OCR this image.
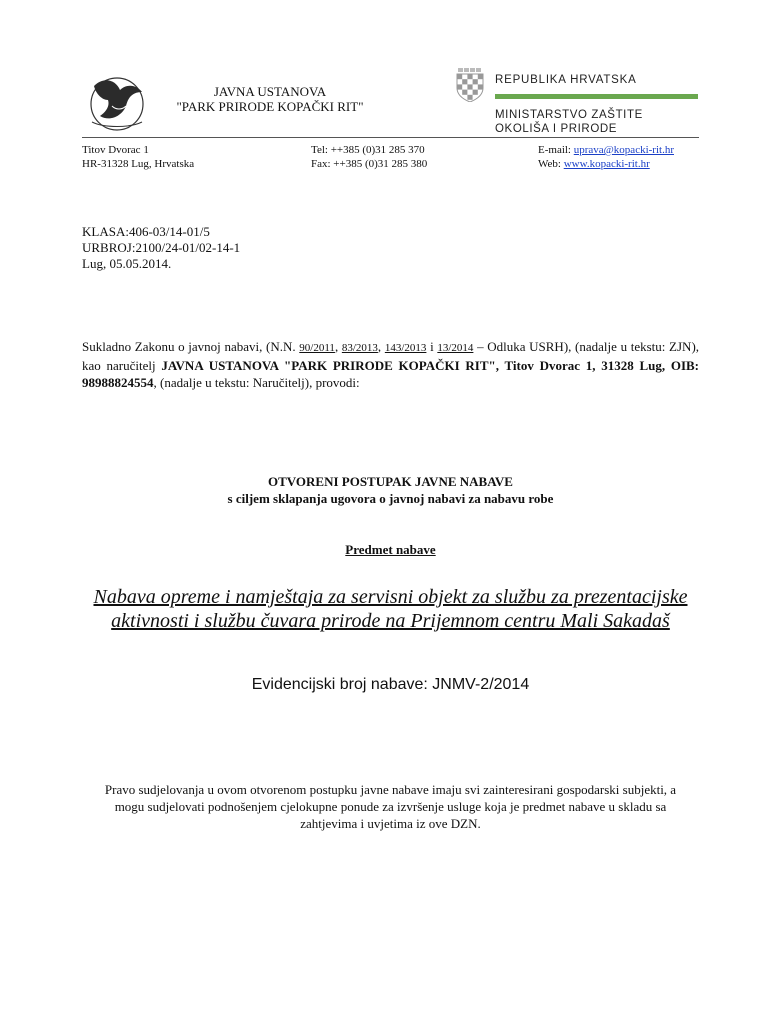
JAVNA USTANOVA
"PARK PRIRODE KOPAČKI RIT"
REPUBLIKA HRVATSKA
MINISTARSTVO ZAŠTITE
OKOLIŠA I PRIRODE
Titov Dvorac 1
HR-31328 Lug, Hrvatska
Tel: ++385 (0)31 285 370
Fax: ++385 (0)31 285 380
E-mail: uprava@kopacki-rit.hr
Web: www.kopacki-rit.hr
KLASA:406-03/14-01/5
URBROJ:2100/24-01/02-14-1
Lug, 05.05.2014.
Sukladno Zakonu o javnoj nabavi, (N.N. 90/2011, 83/2013, 143/2013 i 13/2014 – Odluka USRH), (nadalje u tekstu: ZJN), kao naručitelj JAVNA USTANOVA "PARK PRIRODE KOPAČKI RIT", Titov Dvorac 1, 31328 Lug, OIB: 98988824554, (nadalje u tekstu: Naručitelj), provodi:
OTVORENI POSTUPAK JAVNE NABAVE
s ciljem sklapanja ugovora o javnoj nabavi za nabavu robe
Predmet nabave
Nabava opreme i namještaja za servisni objekt za službu za prezentacijske aktivnosti i službu čuvara prirode na Prijemnom centru Mali Sakadaš
Evidencijski broj nabave: JNMV-2/2014
Pravo sudjelovanja u ovom otvorenom postupku javne nabave imaju svi zainteresirani gospodarski subjekti, a mogu sudjelovati podnošenjem cjelokupne ponude za izvršenje usluge koja je predmet nabave u skladu sa zahtjevima i uvjetima iz ove DZN.
